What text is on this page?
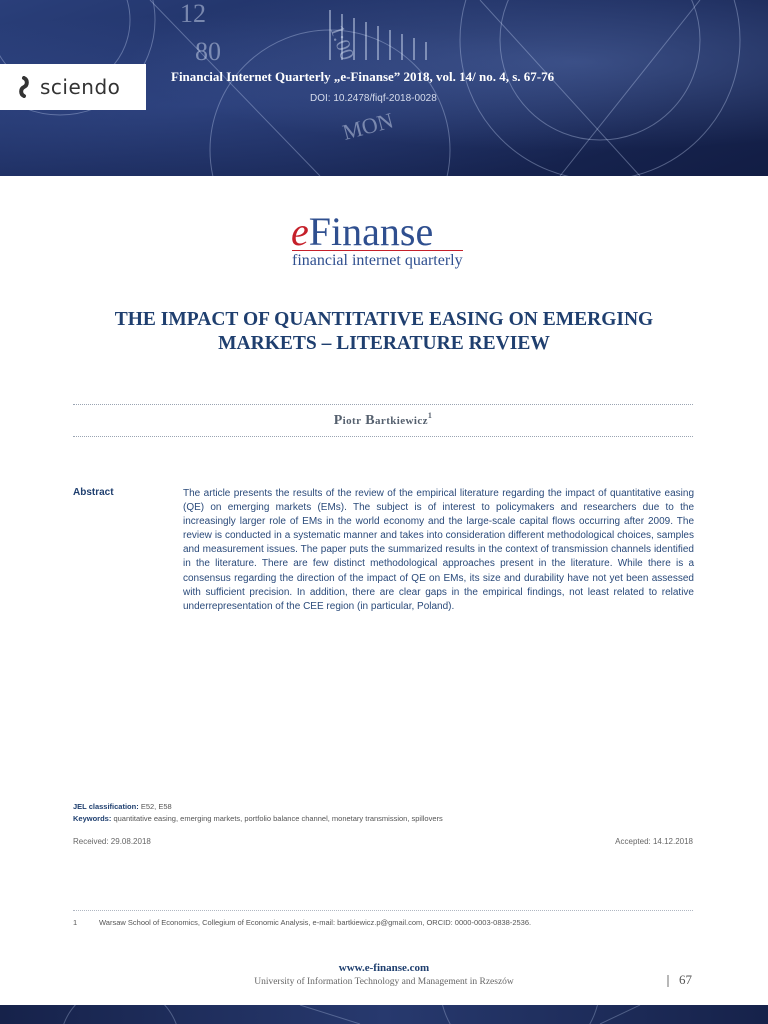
12
80	1:00
MON
sciendo	Financial Internet Quarterly „e-Finanse” 2018, vol. 14/ no. 4, s. 67-76
DOI: 10.2478/fiqf-2018-0028
eFinanse
financial internet quarterly
THE IMPACT OF QUANTITATIVE EASING ON EMERGING
MARKETS – LITERATURE REVIEW
Piotr Bartkiewicz$^1$
Abstract	The article presents the results of the review of the empirical literature regarding the impact of quantitative easing (QE) on emerging markets (EMs). The subject is of interest to policymakers and researchers due to the increasingly larger role of EMs in the world economy and the large-scale capital flows occurring after 2009. The review is conducted in a systematic manner and takes into consideration different methodological choices, samples and measurement issues. The paper puts the summarized results in the context of transmission channels identified in the literature. There are few distinct methodological approaches present in the literature. While there is a consensus regarding the direction of the impact of QE on EMs, its size and durability have not yet been assessed with sufficient precision. In addition, there are clear gaps in the empirical findings, not least related to relative underrepresentation of the CEE region (in particular, Poland).
JEL classification: E52, E58
Keywords: quantitative easing, emerging markets, portfolio balance channel, monetary transmission, spillovers
Received: 29.08.2018	Accepted: 14.12.2018
1	Warsaw School of Economics, Collegium of Economic Analysis, e-mail: bartkiewicz.p@gmail.com, ORCID: 0000-0003-0838-2536.
www.e-finanse.com
University of Information Technology and Management in Rzeszów	67
